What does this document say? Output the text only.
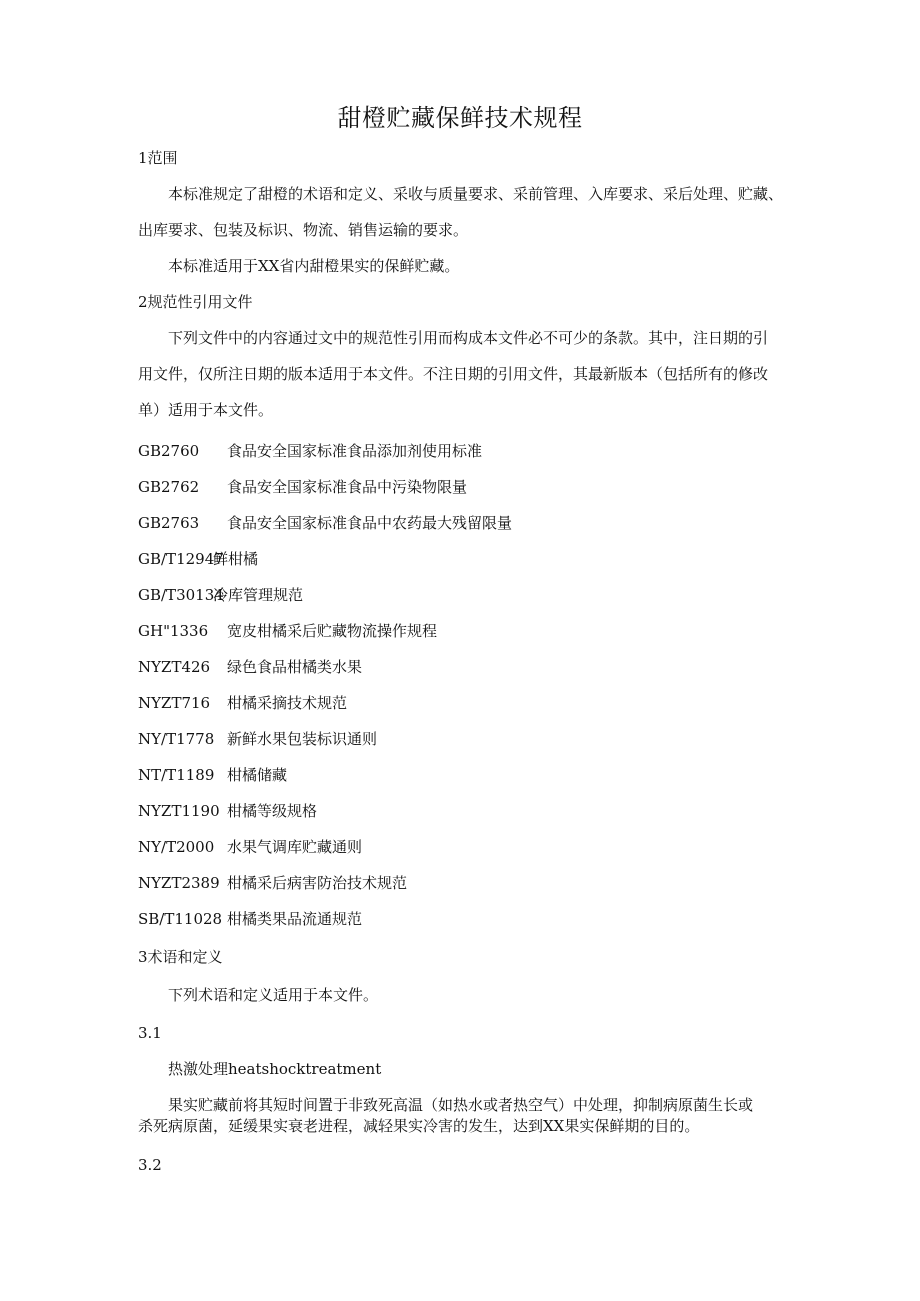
甜橙贮藏保鲜技术规程
1范围
本标准规定了甜橙的术语和定义、采收与质量要求、采前管理、入库要求、采后处理、贮藏、
出库要求、包装及标识、物流、销售运输的要求。
本标准适用于XX省内甜橙果实的保鲜贮藏。
2规范性引用文件
下列文件中的内容通过文中的规范性引用而构成本文件必不可少的条款。其中，注日期的引
用文件，仅所注日期的版本适用于本文件。不注日期的引用文件，其最新版本（包括所有的修改
单）适用于本文件。
GB2760 食品安全国家标准食品添加剂使用标准
GB2762 食品安全国家标准食品中污染物限量
GB2763 食品安全国家标准食品中农药最大残留限量
GB/T12947鲜柑橘
GB/T30134冷库管理规范
GH"1336 宽皮柑橘采后贮藏物流操作规程
NYZT426 绿色食品柑橘类水果
NYZT716 柑橘采摘技术规范
NY/T1778 新鲜水果包装标识通则
NT/T1189 柑橘储藏
NYZT1190 柑橘等级规格
NY/T2000 水果气调库贮藏通则
NYZT2389 柑橘采后病害防治技术规范
SB/T11028 柑橘类果品流通规范
3术语和定义
下列术语和定义适用于本文件。
3.1
热激处理heatshocktreatment
果实贮藏前将其短时间置于非致死高温（如热水或者热空气）中处理，抑制病原菌生长或
杀死病原菌，延缓果实衰老进程，减轻果实冷害的发生，达到XX果实保鲜期的目的。
3.2
